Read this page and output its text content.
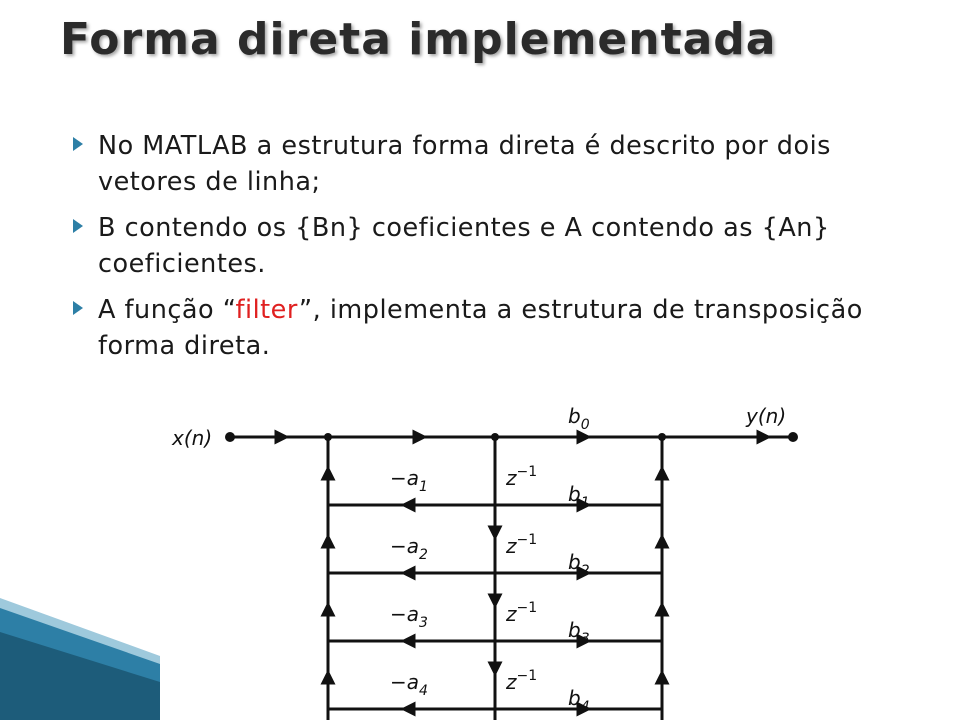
Forma direta implementada
No MATLAB a estrutura forma direta é descrito por dois vetores de linha;
B contendo os {Bn} coeficientes e A contendo as {An} coeficientes.
A função “filter”, implementa a estrutura de transposição forma direta.
x(n)
y(n)
$b_0$
$-a_1$	$z^{-1}$
$b_1$
$-a_2$	$z^{-1}$
$b_2$
$-a_3$	$z^{-1}$
$b_3$
$-a_4$	$z^{-1}$
$b_4$
